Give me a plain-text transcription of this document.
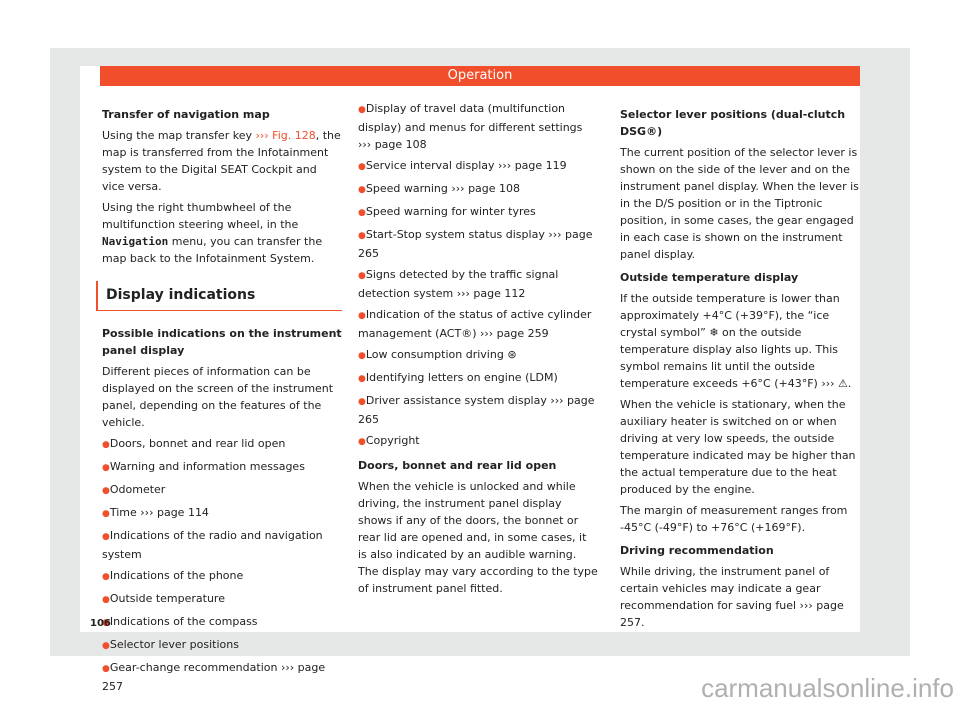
Operation

Transfer of navigation map

Using the map transfer key ››› Fig. 128, the map is transferred from the Infotainment system to the Digital SEAT Cockpit and vice versa.

Using the right thumbwheel of the multifunction steering wheel, in the Navigation menu, you can transfer the map back to the Infotainment System.

Display indications

Possible indications on the instrument panel display

Different pieces of information can be displayed on the screen of the instrument panel, depending on the features of the vehicle.

● Doors, bonnet and rear lid open

● Warning and information messages

● Odometer

● Time ››› page 114

● Indications of the radio and navigation system

● Indications of the phone

● Outside temperature

● Indications of the compass

● Selector lever positions

● Gear-change recommendation ››› page 257

● Display of travel data (multifunction display) and menus for different settings ››› page 108

● Service interval display ››› page 119

● Speed warning ››› page 108

● Speed warning for winter tyres

● Start-Stop system status display ››› page 265

● Signs detected by the traffic signal detection system ››› page 112

● Indication of the status of active cylinder management (ACT®) ››› page 259

● Low consumption driving ⊛

● Identifying letters on engine (LDM)

● Driver assistance system display ››› page 265

● Copyright

Doors, bonnet and rear lid open

When the vehicle is unlocked and while driving, the instrument panel display shows if any of the doors, the bonnet or rear lid are opened and, in some cases, it is also indicated by an audible warning. The display may vary according to the type of instrument panel fitted.

Selector lever positions (dual-clutch DSG®)

The current position of the selector lever is shown on the side of the lever and on the instrument panel display. When the lever is in the D/S position or in the Tiptronic position, in some cases, the gear engaged in each case is shown on the instrument panel display.

Outside temperature display

If the outside temperature is lower than approximately +4°C (+39°F), the “ice crystal symbol” ❄ on the outside temperature display also lights up. This symbol remains lit until the outside temperature exceeds +6°C (+43°F) ››› ⚠.

When the vehicle is stationary, when the auxiliary heater is switched on or when driving at very low speeds, the outside temperature indicated may be higher than the actual temperature due to the heat produced by the engine.

The margin of measurement ranges from -45°C (-49°F) to +76°C (+169°F).

Driving recommendation

While driving, the instrument panel of certain vehicles may indicate a gear recommendation for saving fuel ››› page 257.

106
carmanualsonline.info
